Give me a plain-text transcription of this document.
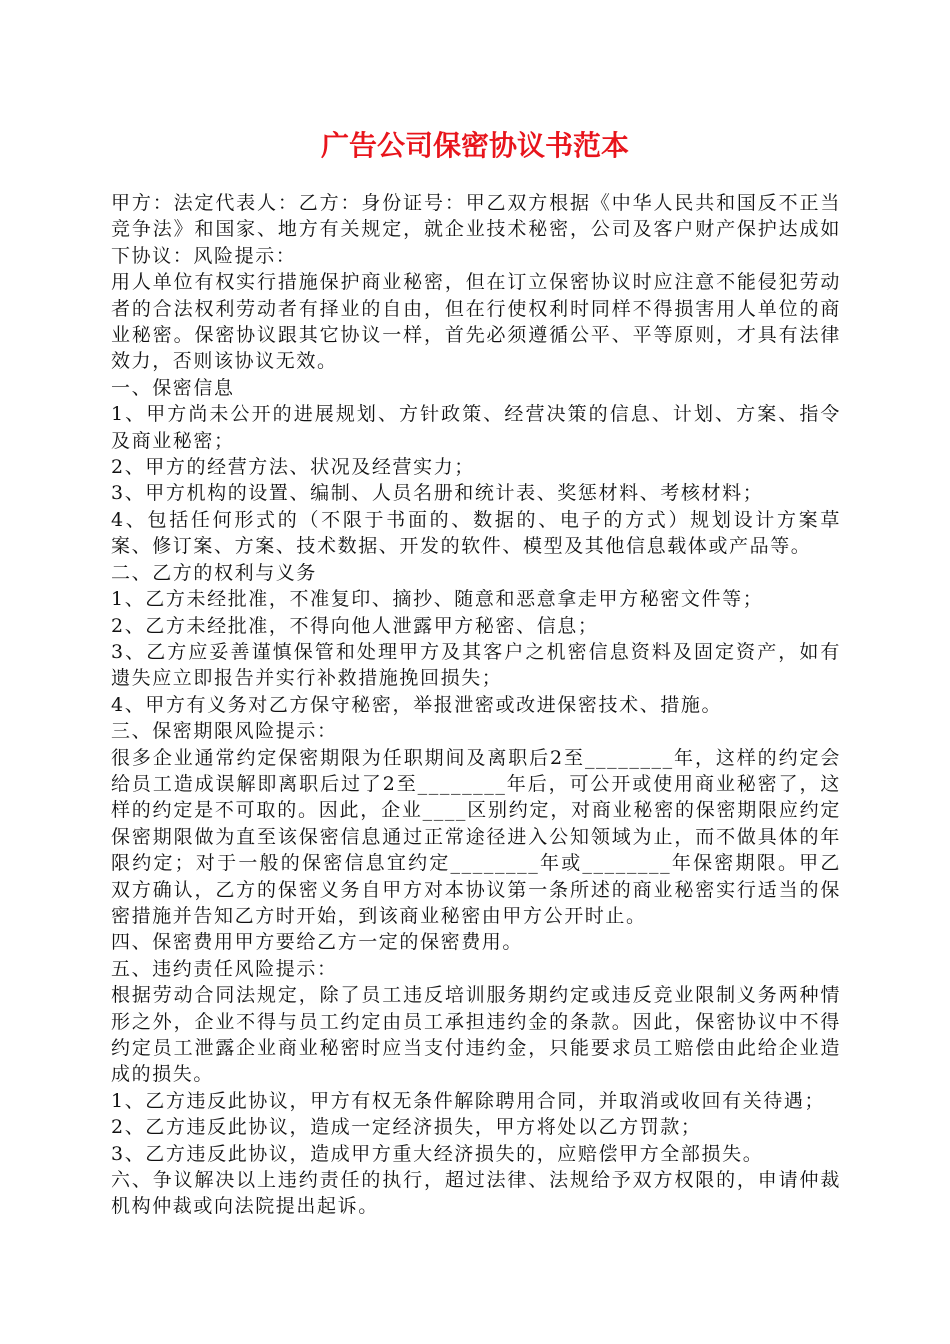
广告公司保密协议书范本

甲方：法定代表人：乙方：身份证号：甲乙双方根据《中华人民共和国反不正当竞争法》和国家、地方有关规定，就企业技术秘密，公司及客户财产保护达成如下协议：风险提示：

用人单位有权实行措施保护商业秘密，但在订立保密协议时应注意不能侵犯劳动者的合法权利劳动者有择业的自由，但在行使权利时同样不得损害用人单位的商业秘密。保密协议跟其它协议一样，首先必须遵循公平、平等原则，才具有法律效力，否则该协议无效。

一、保密信息

1、甲方尚未公开的进展规划、方针政策、经营决策的信息、计划、方案、指令及商业秘密；

2、甲方的经营方法、状况及经营实力；

3、甲方机构的设置、编制、人员名册和统计表、奖惩材料、考核材料；

4、包括任何形式的（不限于书面的、数据的、电子的方式）规划设计方案草案、修订案、方案、技术数据、开发的软件、模型及其他信息载体或产品等。

二、乙方的权利与义务

1、乙方未经批准，不准复印、摘抄、随意和恶意拿走甲方秘密文件等；

2、乙方未经批准，不得向他人泄露甲方秘密、信息；

3、乙方应妥善谨慎保管和处理甲方及其客户之机密信息资料及固定资产，如有遗失应立即报告并实行补救措施挽回损失；

4、甲方有义务对乙方保守秘密，举报泄密或改进保密技术、措施。

三、保密期限风险提示：

很多企业通常约定保密期限为任职期间及离职后2至________年，这样的约定会给员工造成误解即离职后过了2至________年后，可公开或使用商业秘密了，这样的约定是不可取的。因此，企业____区别约定，对商业秘密的保密期限应约定保密期限做为直至该保密信息通过正常途径进入公知领域为止，而不做具体的年限约定；对于一般的保密信息宜约定________年或________年保密期限。甲乙双方确认，乙方的保密义务自甲方对本协议第一条所述的商业秘密实行适当的保密措施并告知乙方时开始，到该商业秘密由甲方公开时止。

四、保密费用甲方要给乙方一定的保密费用。

五、违约责任风险提示：

根据劳动合同法规定，除了员工违反培训服务期约定或违反竞业限制义务两种情形之外，企业不得与员工约定由员工承担违约金的条款。因此，保密协议中不得约定员工泄露企业商业秘密时应当支付违约金，只能要求员工赔偿由此给企业造成的损失。

1、乙方违反此协议，甲方有权无条件解除聘用合同，并取消或收回有关待遇；

2、乙方违反此协议，造成一定经济损失，甲方将处以乙方罚款；

3、乙方违反此协议，造成甲方重大经济损失的，应赔偿甲方全部损失。

六、争议解决以上违约责任的执行，超过法律、法规给予双方权限的，申请仲裁机构仲裁或向法院提出起诉。
